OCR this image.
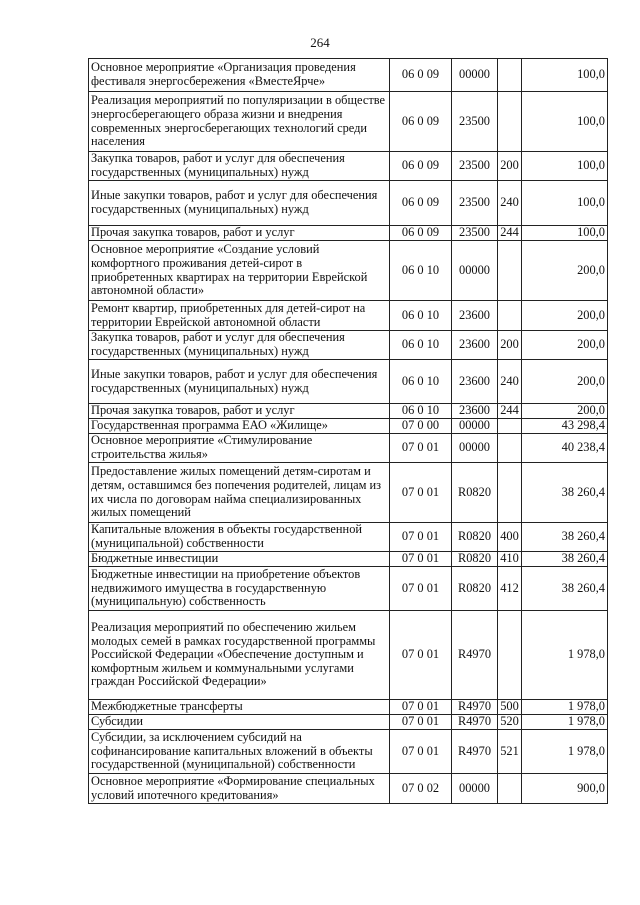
264
Основное мероприятие «Организация проведения фестиваля энергосбережения «ВместеЯрче»	06 0 09	00000		100,0
Реализация мероприятий по популяризации в обществе энергосберегающего образа жизни и внедрения современных энергосберегающих технологий среди населения	06 0 09	23500		100,0
Закупка товаров, работ и услуг для обеспечения государственных (муниципальных) нужд	06 0 09	23500	200	100,0
Иные закупки товаров, работ и услуг для обеспечения государственных (муниципальных) нужд	06 0 09	23500	240	100,0
Прочая закупка товаров, работ и услуг	06 0 09	23500	244	100,0
Основное мероприятие «Создание условий комфортного проживания детей-сирот в приобретенных квартирах на территории Еврейской автономной области»	06 0 10	00000		200,0
Ремонт квартир, приобретенных для детей-сирот на территории Еврейской автономной области	06 0 10	23600		200,0
Закупка товаров, работ и услуг для обеспечения государственных (муниципальных) нужд	06 0 10	23600	200	200,0
Иные закупки товаров, работ и услуг для обеспечения государственных (муниципальных) нужд	06 0 10	23600	240	200,0
Прочая закупка товаров, работ и услуг	06 0 10	23600	244	200,0
Государственная программа ЕАО «Жилище»	07 0 00	00000		43 298,4
Основное мероприятие «Стимулирование строительства жилья»	07 0 01	00000		40 238,4
Предоставление жилых помещений детям-сиротам и детям, оставшимся без попечения родителей, лицам из их числа по договорам найма специализированных жилых помещений	07 0 01	R0820		38 260,4
Капитальные вложения в объекты государственной (муниципальной) собственности	07 0 01	R0820	400	38 260,4
Бюджетные инвестиции	07 0 01	R0820	410	38 260,4
Бюджетные инвестиции на приобретение объектов недвижимого имущества в государственную (муниципальную) собственность	07 0 01	R0820	412	38 260,4
Реализация мероприятий по обеспечению жильем молодых семей в рамках государственной программы Российской Федерации «Обеспечение доступным и комфортным жильем и коммунальными услугами граждан Российской Федерации»	07 0 01	R4970		1 978,0
Межбюджетные трансферты	07 0 01	R4970	500	1 978,0
Субсидии	07 0 01	R4970	520	1 978,0
Субсидии, за исключением субсидий на софинансирование капитальных вложений в объекты государственной (муниципальной) собственности	07 0 01	R4970	521	1 978,0
Основное мероприятие «Формирование специальных условий ипотечного кредитования»	07 0 02	00000		900,0
